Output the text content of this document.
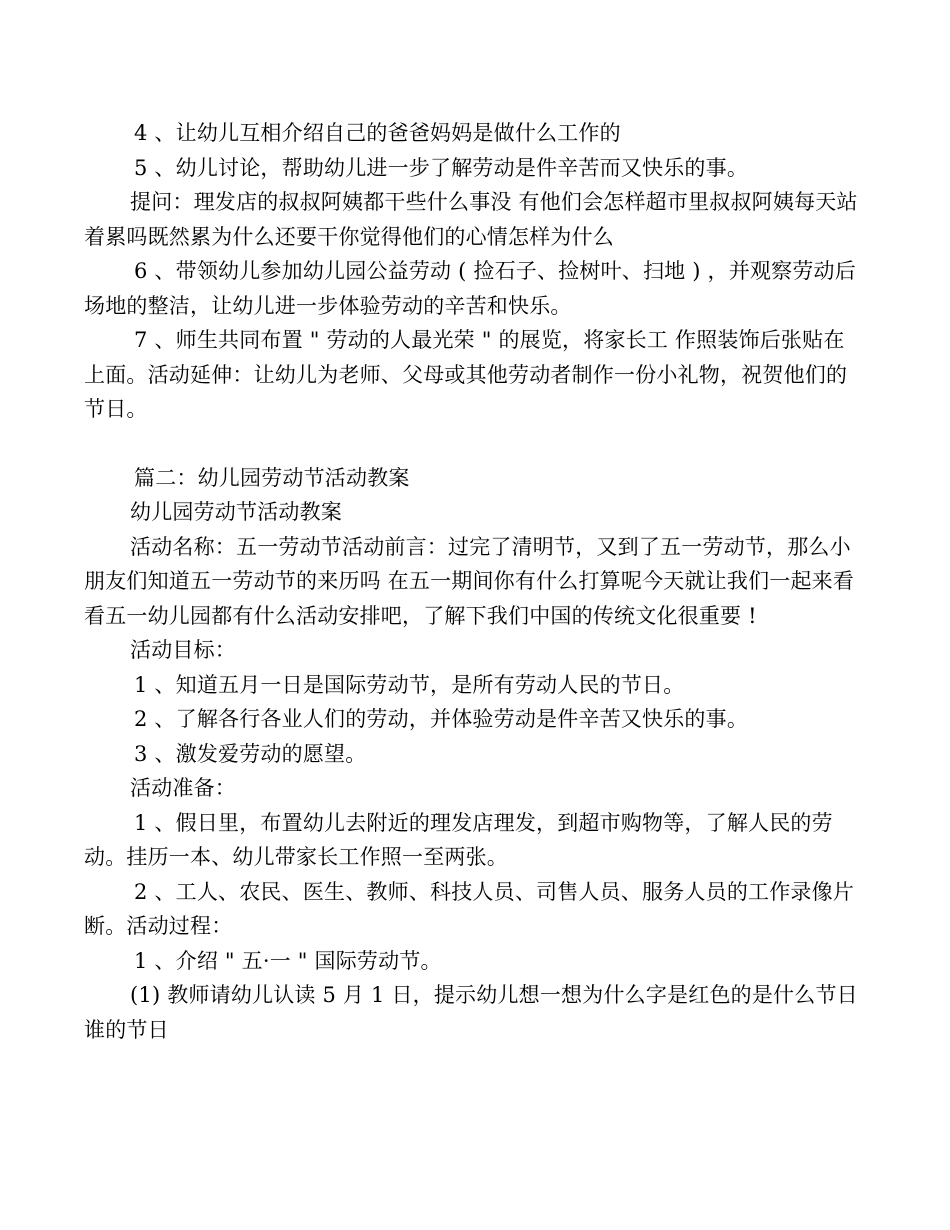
4 、让幼儿互相介绍自己的爸爸妈妈是做什么工作的

5 、幼儿讨论，帮助幼儿进一步了解劳动是件辛苦而又快乐的事。

提问：理发店的叔叔阿姨都干些什么事没 有他们会怎样超市里叔叔阿姨每天站着累吗既然累为什么还要干你觉得他们的心情怎样为什么

6 、带领幼儿参加幼儿园公益劳动 ( 捡石子、捡树叶、扫地 ) ，并观察劳动后场地的整洁，让幼儿进一步体验劳动的辛苦和快乐。

7 、师生共同布置 " 劳动的人最光荣 " 的展览，将家长工 作照装饰后张贴在上面。活动延伸：让幼儿为老师、父母或其他劳动者制作一份小礼物，祝贺他们的节日。

篇二：幼儿园劳动节活动教案

幼儿园劳动节活动教案

活动名称：五一劳动节活动前言：过完了清明节，又到了五一劳动节，那么小朋友们知道五一劳动节的来历吗 在五一期间你有什么打算呢今天就让我们一起来看看五一幼儿园都有什么活动安排吧，了解下我们中国的传统文化很重要 !

活动目标：

1 、知道五月一日是国际劳动节，是所有劳动人民的节日。

2 、了解各行各业人们的劳动，并体验劳动是件辛苦又快乐的事。

3 、激发爱劳动的愿望。

活动准备：

1 、假日里，布置幼儿去附近的理发店理发，到超市购物等，了解人民的劳动。挂历一本、幼儿带家长工作照一至两张。

2 、工人、农民、医生、教师、科技人员、司售人员、服务人员的工作录像片断。活动过程：

1 、介绍 " 五·一 " 国际劳动节。

(1) 教师请幼儿认读 5 月 1 日，提示幼儿想一想为什么字是红色的是什么节日谁的节日
